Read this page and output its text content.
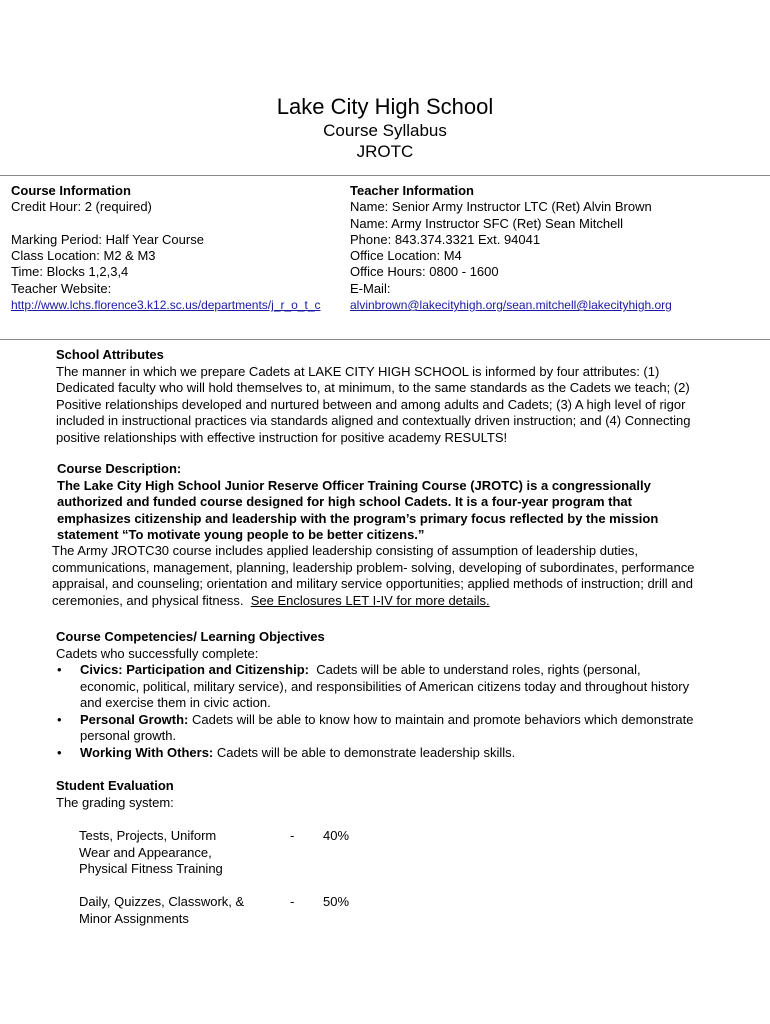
Lake City High School
Course Syllabus
JROTC
Course Information
Credit Hour: 2 (required)
Marking Period: Half Year Course
Class Location: M2 & M3
Time: Blocks 1,2,3,4
Teacher Website:
http://www.lchs.florence3.k12.sc.us/departments/j_r_o_t_c
Teacher Information
Name: Senior Army Instructor LTC (Ret) Alvin Brown
Name: Army Instructor SFC (Ret) Sean Mitchell
Phone: 843.374.3321 Ext. 94041
Office Location: M4
Office Hours: 0800 - 1600
E-Mail:
alvinbrown@lakecityhigh.org/sean.mitchell@lakecityhigh.org
School Attributes
The manner in which we prepare Cadets at LAKE CITY HIGH SCHOOL is informed by four attributes: (1)
Dedicated faculty who will hold themselves to, at minimum, to the same standards as the Cadets we teach; (2)
Positive relationships developed and nurtured between and among adults and Cadets; (3) A high level of rigor
included in instructional practices via standards aligned and contextually driven instruction; and (4) Connecting
positive relationships with effective instruction for positive academy RESULTS!
Course Description:
The Lake City High School Junior Reserve Officer Training Course (JROTC) is a congressionally
authorized and funded course designed for high school Cadets. It is a four-year program that
emphasizes citizenship and leadership with the program’s primary focus reflected by the mission
statement “To motivate young people to be better citizens.”
The Army JROTC30 course includes applied leadership consisting of assumption of leadership duties,
communications, management, planning, leadership problem- solving, developing of subordinates, performance
appraisal, and counseling; orientation and military service opportunities; applied methods of instruction; drill and
ceremonies, and physical fitness. See Enclosures LET I-IV for more details.
Course Competencies/ Learning Objectives
Cadets who successfully complete:
• Civics: Participation and Citizenship:  Cadets will be able to understand roles, rights (personal,
economic, political, military service), and responsibilities of American citizens today and throughout history
and exercise them in civic action.
• Personal Growth: Cadets will be able to know how to maintain and promote behaviors which demonstrate
personal growth.
• Working With Others: Cadets will be able to demonstrate leadership skills.
Student Evaluation
The grading system:
Tests, Projects, Uniform
Wear and Appearance,
Physical Fitness Training
- 40%
Daily, Quizzes, Classwork, &
Minor Assignments
- 50%
